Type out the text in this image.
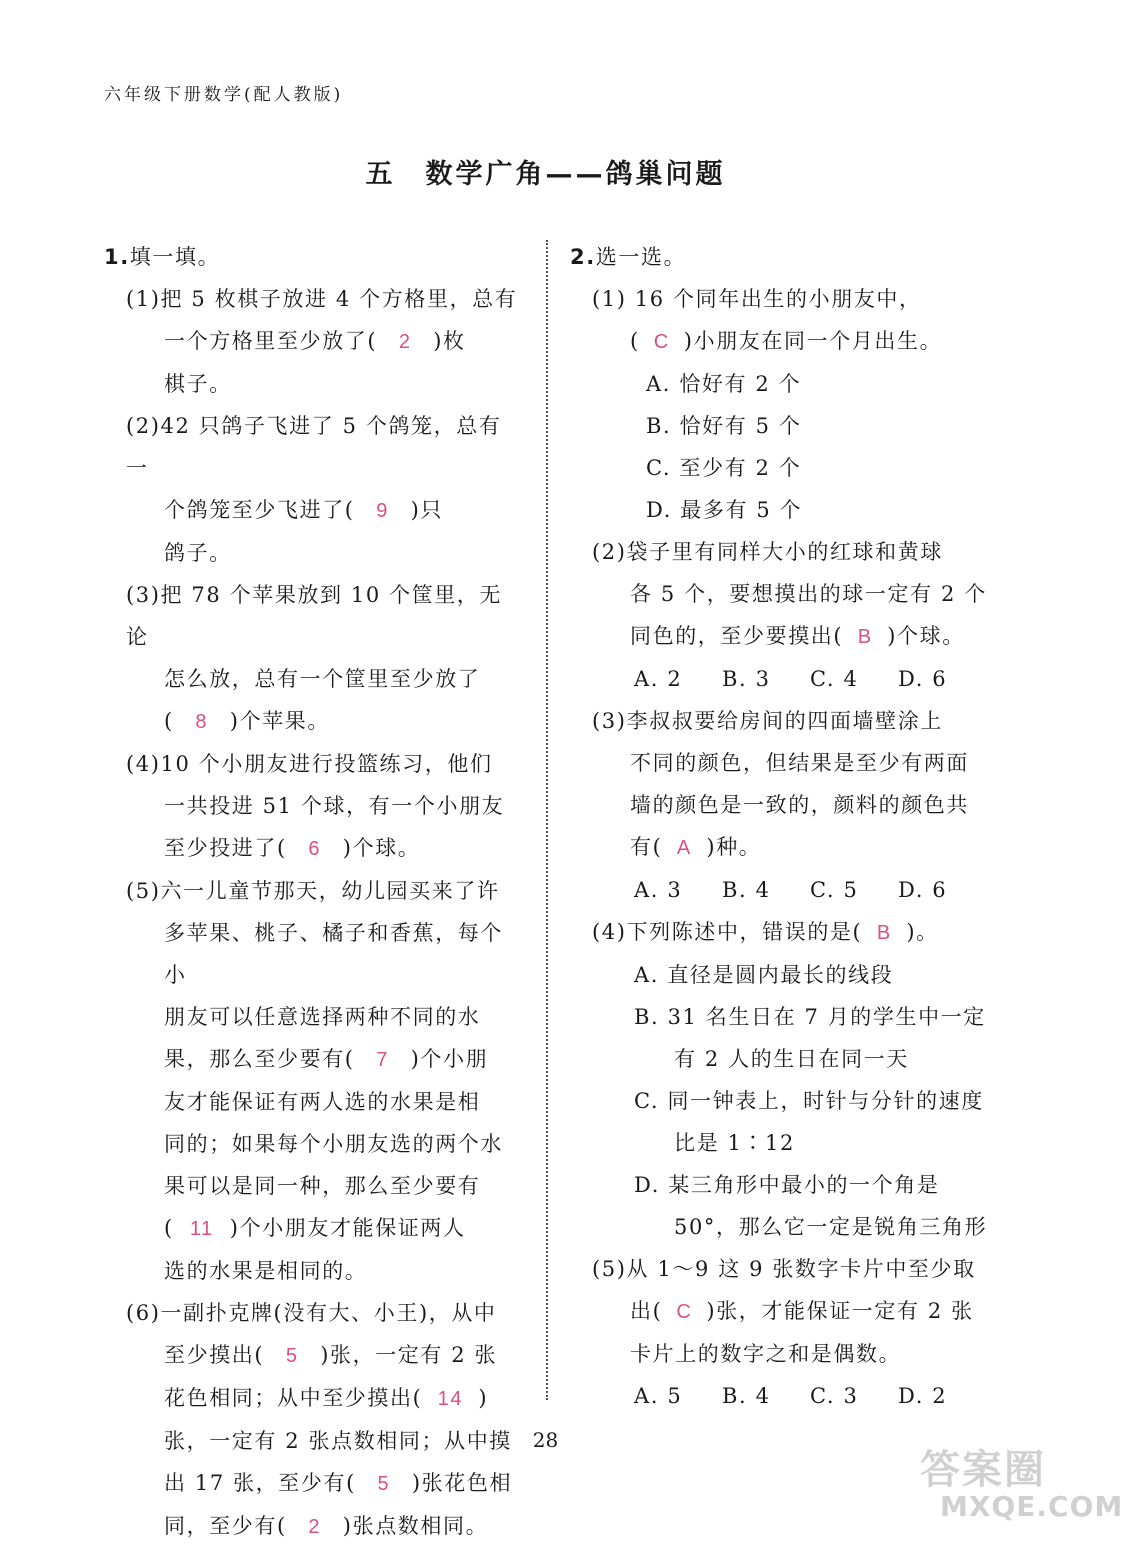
六年级下册数学(配人教版)
五　数学广角——鸽巢问题
1.填一填。
(1)把 5 枚棋子放进 4 个方格里，总有
一个方格里至少放了( 2 )枚
棋子。
(2)42 只鸽子飞进了 5 个鸽笼，总有一
个鸽笼至少飞进了( 9 )只
鸽子。
(3)把 78 个苹果放到 10 个筐里，无论
怎么放，总有一个筐里至少放了
( 8 )个苹果。
(4)10 个小朋友进行投篮练习，他们
一共投进 51 个球，有一个小朋友
至少投进了( 6 )个球。
(5)六一儿童节那天，幼儿园买来了许
多苹果、桃子、橘子和香蕉，每个小
朋友可以任意选择两种不同的水
果，那么至少要有( 7 )个小朋
友才能保证有两人选的水果是相
同的；如果每个小朋友选的两个水
果可以是同一种，那么至少要有
( 11 )个小朋友才能保证两人
选的水果是相同的。
(6)一副扑克牌(没有大、小王)，从中
至少摸出( 5 )张，一定有 2 张
花色相同；从中至少摸出( 14 )
张，一定有 2 张点数相同；从中摸
出 17 张，至少有( 5 )张花色相
同，至少有( 2 )张点数相同。
2.选一选。
(1) 16 个同年出生的小朋友中，
( C )小朋友在同一个月出生。
A. 恰好有 2 个
B. 恰好有 5 个
C. 至少有 2 个
D. 最多有 5 个
(2)袋子里有同样大小的红球和黄球
各 5 个，要想摸出的球一定有 2 个
同色的，至少要摸出( B )个球。
A. 2	B. 3	C. 4	D. 6
(3)李叔叔要给房间的四面墙壁涂上
不同的颜色，但结果是至少有两面
墙的颜色是一致的，颜料的颜色共
有( A )种。
A. 3	B. 4	C. 5	D. 6
(4)下列陈述中，错误的是( B )。
A. 直径是圆内最长的线段
B. 31 名生日在 7 月的学生中一定
有 2 人的生日在同一天
C. 同一钟表上，时针与分针的速度
比是 1∶12
D. 某三角形中最小的一个角是
50°，那么它一定是锐角三角形
(5)从 1～9 这 9 张数字卡片中至少取
出( C )张，才能保证一定有 2 张
卡片上的数字之和是偶数。
A. 5	B. 4	C. 3	D. 2
28
答案圈
MXQE.COM
